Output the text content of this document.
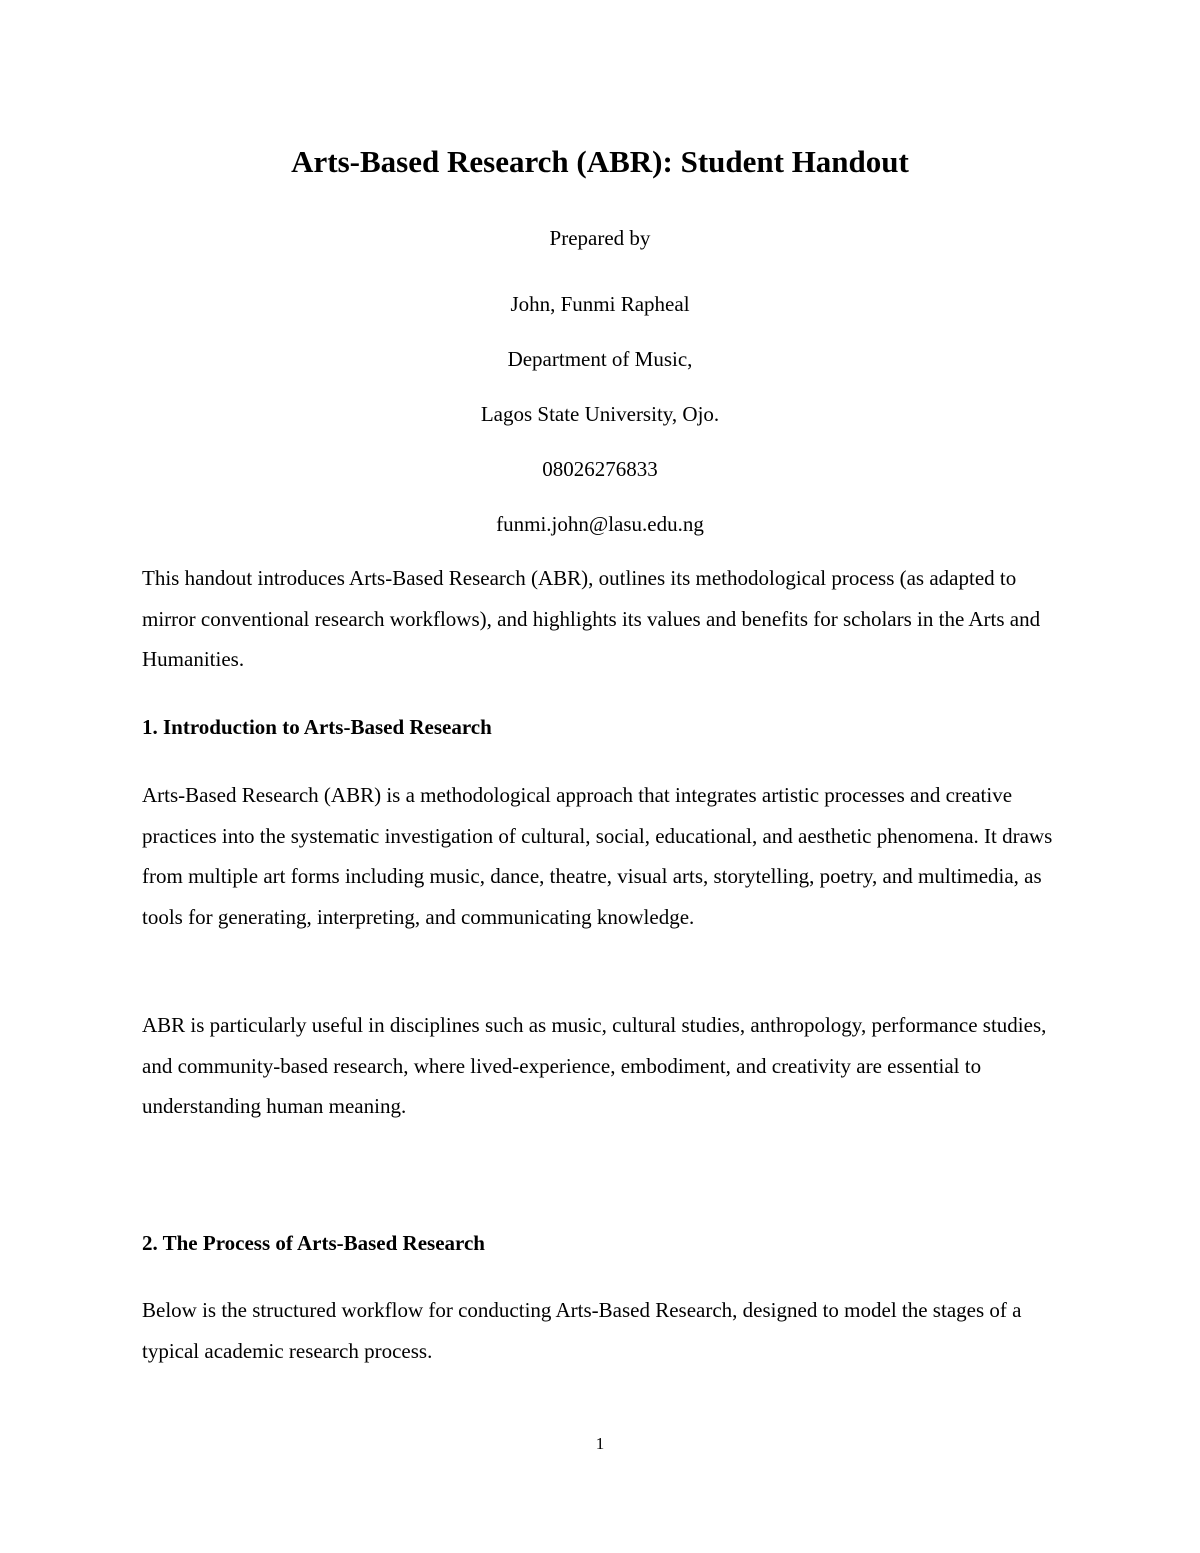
Arts-Based Research (ABR): Student Handout
Prepared by
John, Funmi Rapheal
Department of Music,
Lagos State University, Ojo.
08026276833
funmi.john@lasu.edu.ng

This handout introduces Arts-Based Research (ABR), outlines its methodological process (as adapted to mirror conventional research workflows), and highlights its values and benefits for scholars in the Arts and Humanities.

1. Introduction to Arts-Based Research

Arts-Based Research (ABR) is a methodological approach that integrates artistic processes and creative practices into the systematic investigation of cultural, social, educational, and aesthetic phenomena. It draws from multiple art forms including music, dance, theatre, visual arts, storytelling, poetry, and multimedia, as tools for generating, interpreting, and communicating knowledge.

ABR is particularly useful in disciplines such as music, cultural studies, anthropology, performance studies, and community-based research, where lived-experience, embodiment, and creativity are essential to understanding human meaning.

2. The Process of Arts-Based Research

Below is the structured workflow for conducting Arts-Based Research, designed to model the stages of a typical academic research process.

1
